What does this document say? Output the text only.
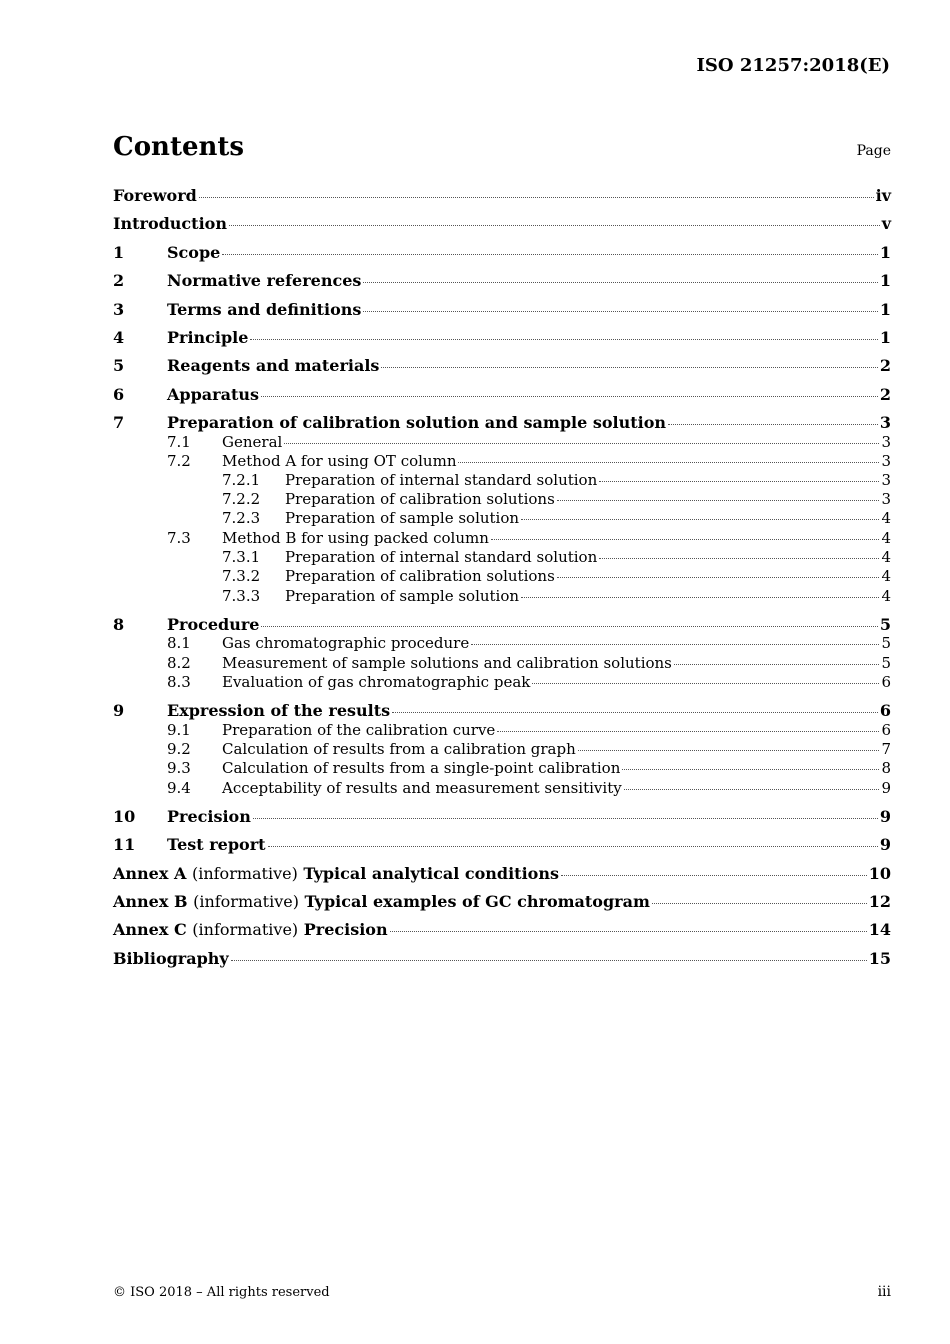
ISO 21257:2018(E)
Contents	Page
Foreword	iv
Introduction	v
1	Scope	1
2	Normative references	1
3	Terms and definitions	1
4	Principle	1
5	Reagents and materials	2
6	Apparatus	2
7	Preparation of calibration solution and sample solution	3
7.1	General	3
7.2	Method A for using OT column	3
7.2.1	Preparation of internal standard solution	3
7.2.2	Preparation of calibration solutions	3
7.2.3	Preparation of sample solution	4
7.3	Method B for using packed column	4
7.3.1	Preparation of internal standard solution	4
7.3.2	Preparation of calibration solutions	4
7.3.3	Preparation of sample solution	4
8	Procedure	5
8.1	Gas chromatographic procedure	5
8.2	Measurement of sample solutions and calibration solutions	5
8.3	Evaluation of gas chromatographic peak	6
9	Expression of the results	6
9.1	Preparation of the calibration curve	6
9.2	Calculation of results from a calibration graph	7
9.3	Calculation of results from a single-point calibration	8
9.4	Acceptability of results and measurement sensitivity	9
10	Precision	9
11	Test report	9
Annex A (informative) Typical analytical conditions	10
Annex B (informative) Typical examples of GC chromatogram	12
Annex C (informative) Precision	14
Bibliography	15
© ISO 2018 – All rights reserved	iii
